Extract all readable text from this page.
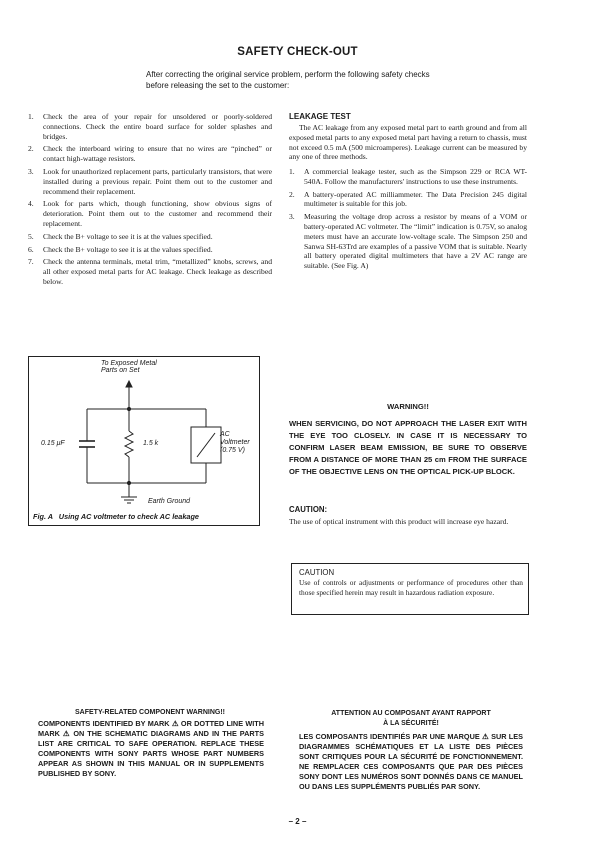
SAFETY CHECK-OUT
After correcting the original service problem, perform the following safety checks before releasing the set to the customer:
1. Check the area of your repair for unsoldered or poorly-soldered connections. Check the entire board surface for solder splashes and bridges.
2. Check the interboard wiring to ensure that no wires are “pinched” or contact high-wattage resistors.
3. Look for unauthorized replacement parts, particularly transistors, that were installed during a previous repair. Point them out to the customer and recommend their replacement.
4. Look for parts which, though functioning, show obvious signs of deterioration. Point them out to the customer and recommend their replacement.
5. Check the B+ voltage to see it is at the values specified.
6. Check the B+ voltage to see it is at the values specified.
7. Check the antenna terminals, metal trim, “metallized” knobs, screws, and all other exposed metal parts for AC leakage. Check leakage as described below.
LEAKAGE TEST
The AC leakage from any exposed metal part to earth ground and from all exposed metal parts to any exposed metal part having a return to chassis, must not exceed 0.5 mA (500 microamperes). Leakage current can be measured by any one of three methods.
1. A commercial leakage tester, such as the Simpson 229 or RCA WT-540A. Follow the manufacturers' instructions to use these instruments.
2. A battery-operated AC milliammeter. The Data Precision 245 digital multimeter is suitable for this job.
3. Measuring the voltage drop across a resistor by means of a VOM or battery-operated AC voltmeter. The “limit” indication is 0.75V, so analog meters must have an accurate low-voltage scale. The Simpson 250 and Sanwa SH-63Trd are examples of a passive VOM that is suitable. Nearly all battery operated digital multimeters that have a 2V AC range are suitable. (See Fig. A)
To Exposed Metal
Parts on Set
0.15 μF	1.5 k
AC
Voltmeter
(0.75 V)
Earth Ground
Fig. A   Using AC voltmeter to check AC leakage
WARNING!!
WHEN SERVICING, DO NOT APPROACH THE LASER EXIT WITH THE EYE TOO CLOSELY. IN CASE IT IS NECESSARY TO CONFIRM LASER BEAM EMISSION, BE SURE TO OBSERVE FROM A DISTANCE OF MORE THAN 25 cm FROM THE SURFACE OF THE OBJECTIVE LENS ON THE OPTICAL PICK-UP BLOCK.
CAUTION:
The use of optical instrument with this product will increase eye hazard.
CAUTION
Use of controls or adjustments or performance of procedures other than those specified herein may result in hazardous radiation exposure.
SAFETY-RELATED COMPONENT WARNING!!
COMPONENTS IDENTIFIED BY MARK ⚠ OR DOTTED LINE WITH MARK ⚠ ON THE SCHEMATIC DIAGRAMS AND IN THE PARTS LIST ARE CRITICAL TO SAFE OPERATION. REPLACE THESE COMPONENTS WITH SONY PARTS WHOSE PART NUMBERS APPEAR AS SHOWN IN THIS MANUAL OR IN SUPPLEMENTS PUBLISHED BY SONY.
ATTENTION AU COMPOSANT AYANT RAPPORT
À LA SÉCURITÉ!
LES COMPOSANTS IDENTIFIÉS PAR UNE MARQUE ⚠ SUR LES DIAGRAMMES SCHÉMATIQUES ET LA LISTE DES PIÈCES SONT CRITIQUES POUR LA SÉCURITÉ DE FONCTIONNEMENT. NE REMPLACER CES COMPOSANTS QUE PAR DES PIÈCES SONY DONT LES NUMÉROS SONT DONNÉS DANS CE MANUEL OU DANS LES SUPPLÉMENTS PUBLIÉS PAR SONY.
– 2 –
